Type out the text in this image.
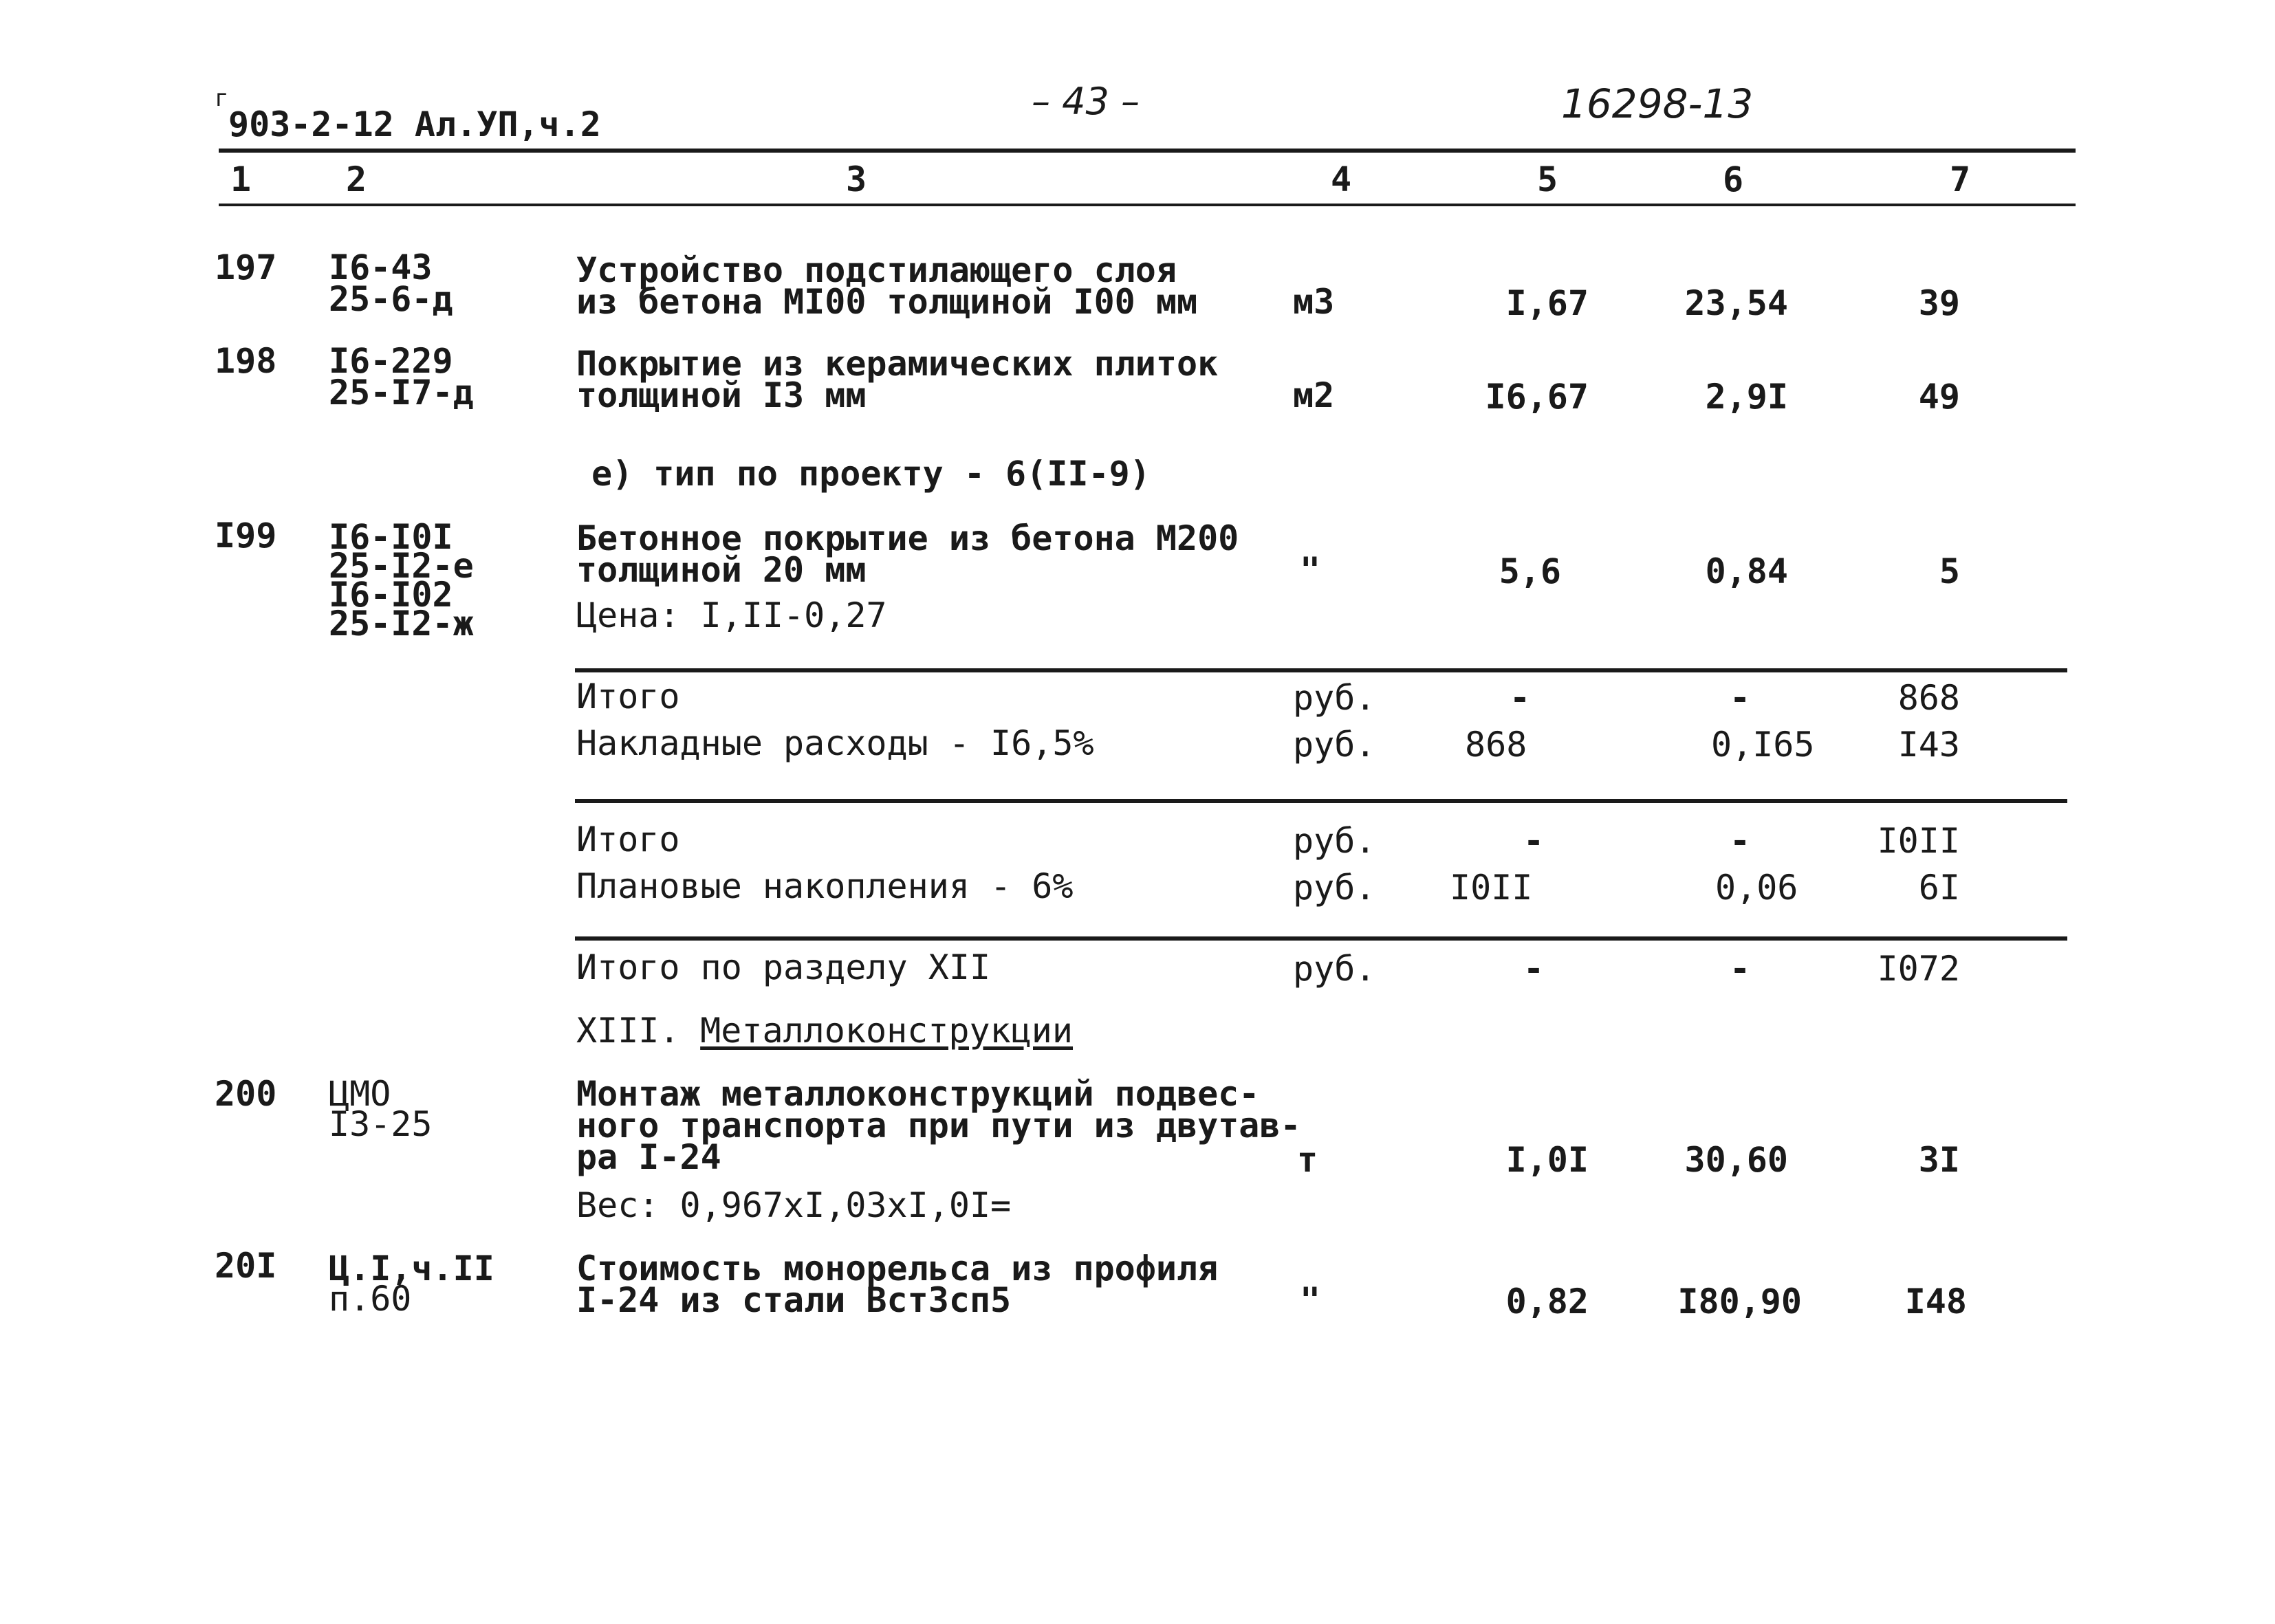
г
903-2-12 Ал.УП,ч.2
– 43 –	16298-13
1	2	3	4	5	6	7
197 I6-43
25-6-д
Устройство подстилающего слоя
из бетона МI00 толщиной I00 мм	м3	I,67	23,54	39
198 I6-229
25-I7-д
Покрытие из керамических плиток
толщиной I3 мм	м2	I6,67	2,9I	49
е) тип по проекту - 6(II-9)
I99 I6-I0I
25-I2-е
I6-I02
25-I2-ж
Бетонное покрытие из бетона М200
толщиной 20 мм
Цена: I,II-0,27
"	5,6	0,84	5
Итого	руб.	-	-	868
Накладные расходы - I6,5%	руб.	868	0,I65	I43
Итого	руб.	-	-	I0II
Плановые накопления - 6%	руб. I0II	0,06	6I
Итого по разделу XII	руб.	-	-	I072
XIII. Металлоконструкции
200 ЦМО
I3-25
Монтаж металлоконструкций подвес-
ного транспорта при пути из двутав-
ра I-24
Вес: 0,967хI,03хI,0I=
т	I,0I	30,60	3I
20I Ц.I,ч.II
п.60
Стоимость монорельса из профиля
I-24 из стали ВстЗсп5	"	0,82	I80,90	I48
